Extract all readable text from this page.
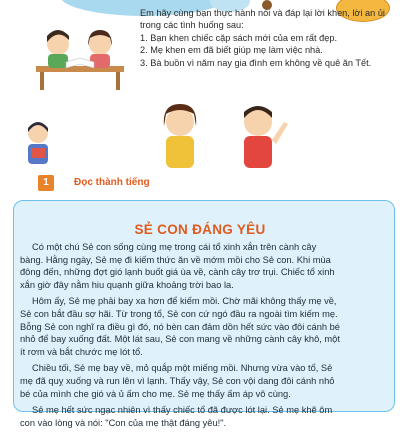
Em hãy cùng bạn thực hành nói và đáp lại lời khen, lời an ủi
trong các tình huống sau:
1. Bạn khen chiếc cặp sách mới của em rất đẹp.
2. Mẹ khen em đã biết giúp mẹ làm việc nhà.
3. Bà buồn vì năm nay gia đình em không về quê ăn Tết.
1	Đọc thành tiếng
SẺ CON ĐÁNG YÊU
Có một chú Sẻ con sống cùng mẹ trong cái tổ xinh xắn trên cành cây
bàng. Hằng ngày, Sẻ mẹ đi kiếm thức ăn về mớm mồi cho Sẻ con. Khi mùa
đông đến, những đợt gió lạnh buốt giá ùa về, cành cây trơ trụi. Chiếc tổ xinh
xắn giờ đây nằm hiu quạnh giữa khoảng trời bao la.
Hôm ấy, Sẻ mẹ phải bay xa hơn để kiếm mồi. Chờ mãi không thấy mẹ về,
Sẻ con bắt đầu sợ hãi. Từ trong tổ, Sẻ con cứ ngó đầu ra ngoài tìm kiếm mẹ.
Bỗng Sẻ con nghĩ ra điều gì đó, nó bèn can đảm dồn hết sức vào đôi cánh bé
nhỏ để bay xuống đất. Một lát sau, Sẻ con mang về những cành cây khô, một
ít rơm và bắt chước mẹ lót tổ.
Chiều tối, Sẻ mẹ bay về, mỏ quắp một miếng mồi. Nhưng vừa vào tổ, Sẻ
mẹ đã quỵ xuống và run lên vì lạnh. Thấy vậy, Sẻ con vội dang đôi cánh nhỏ
bé của mình che gió và ủ ấm cho mẹ. Sẻ mẹ thấy ấm áp vô cùng.
Sẻ mẹ hết sức ngạc nhiên vì thấy chiếc tổ đã được lót lại. Sẻ mẹ khẽ ôm
con vào lòng và nói: "Con của mẹ thật đáng yêu!".
